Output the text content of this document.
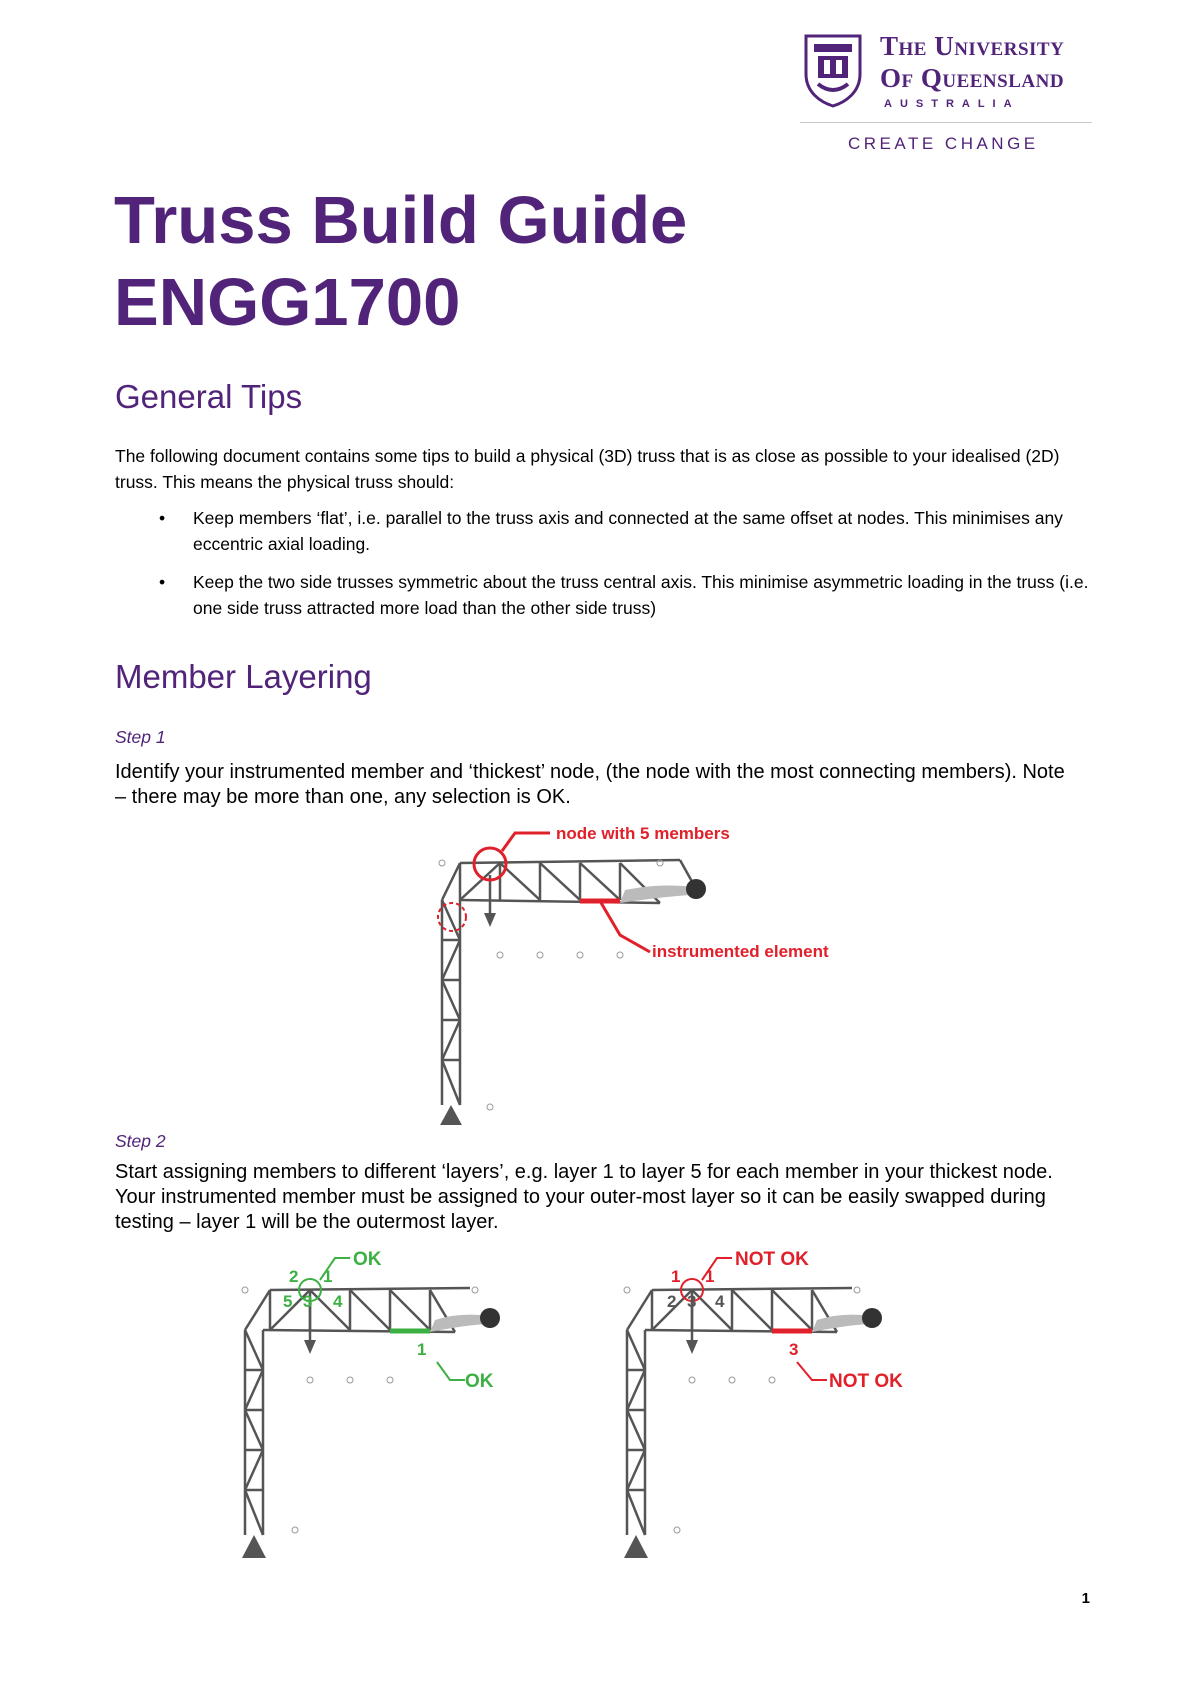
The University
Of Queensland
AUSTRALIA
CREATE CHANGE
Truss Build Guide
ENGG1700
General Tips
The following document contains some tips to build a physical (3D) truss that is as close as possible to your idealised (2D) truss. This means the physical truss should:
• Keep members ‘flat’, i.e. parallel to the truss axis and connected at the same offset at nodes. This minimises any eccentric axial loading.
• Keep the two side trusses symmetric about the truss central axis. This minimise asymmetric loading in the truss (i.e. one side truss attracted more load than the other side truss)
Member Layering
Step 1
Identify your instrumented member and ‘thickest’ node, (the node with the most connecting members). Note – there may be more than one, any selection is OK.
node with 5 members
instrumented element
Step 2
Start assigning members to different ‘layers’, e.g. layer 1 to layer 5 for each member in your thickest node. Your instrumented member must be assigned to your outer-most layer so it can be easily swapped during testing – layer 1 will be the outermost layer.
OK
2 1
5 3 4
1
OK
NOT OK
1 1
2 3 4
3
NOT OK
1
